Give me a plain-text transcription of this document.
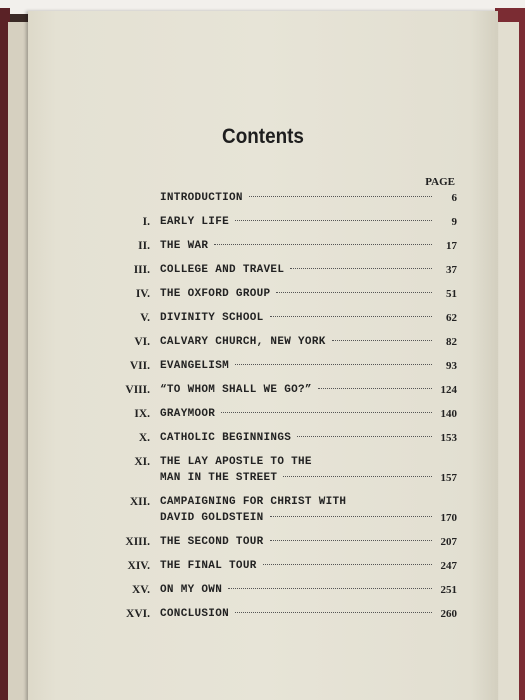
Contents
PAGE
INTRODUCTION	6
I. EARLY LIFE	9
II. THE WAR	17
III. COLLEGE AND TRAVEL	37
IV. THE OXFORD GROUP	51
V. DIVINITY SCHOOL	62
VI. CALVARY CHURCH, NEW YORK	82
VII. EVANGELISM	93
VIII. “TO WHOM SHALL WE GO?”	124
IX. GRAYMOOR	140
X. CATHOLIC BEGINNINGS	153
XI. THE LAY APOSTLE TO THE
MAN IN THE STREET	157
XII. CAMPAIGNING FOR CHRIST WITH
DAVID GOLDSTEIN	170
XIII. THE SECOND TOUR	207
XIV. THE FINAL TOUR	247
XV. ON MY OWN	251
XVI. CONCLUSION	260
